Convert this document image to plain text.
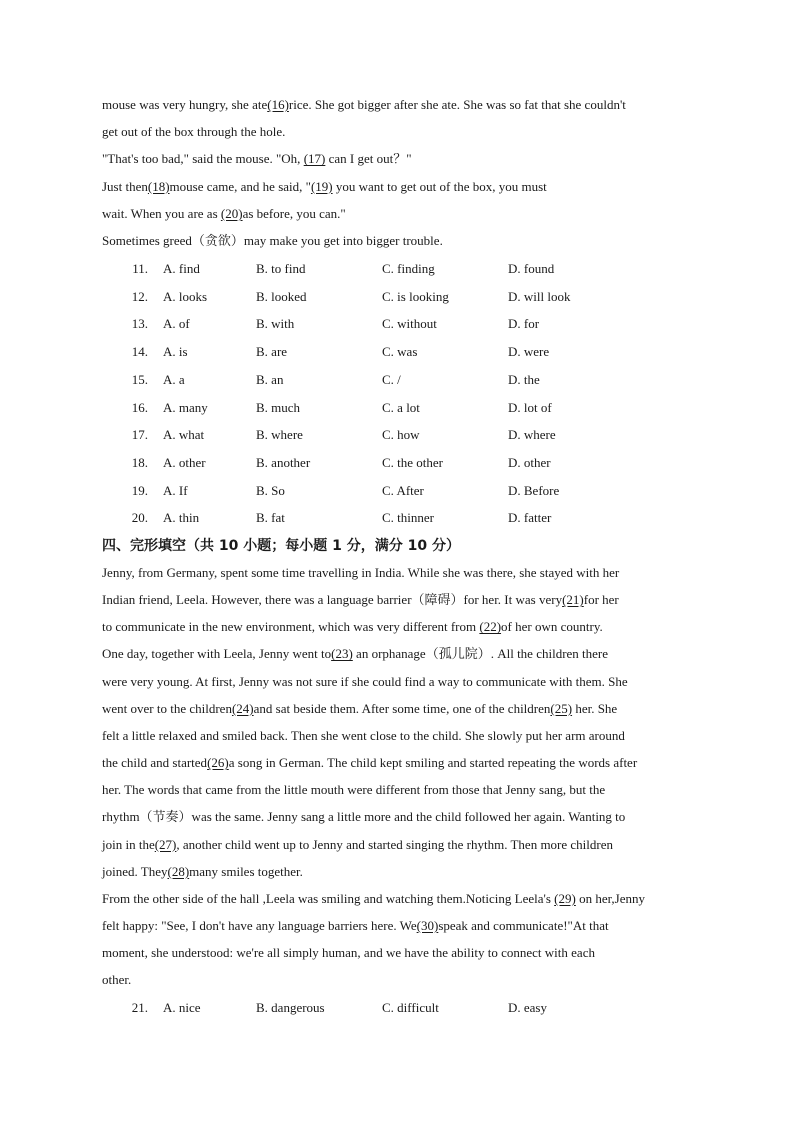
mouse was very hungry, she ate(16)rice. She got bigger after she ate. She was so fat that she couldn't
get out of the box through the hole.
"That's too bad," said the mouse. "Oh, (17) can I get out？"
Just then(18)mouse came, and he said, "(19) you want to get out of the box, you must
wait. When you are as (20)as before, you can."
Sometimes greed（贪欲）may make you get into bigger trouble.
11. A. find	B. to find	C. finding	D. found
12. A. looks	B. looked	C. is looking	D. will look
13. A. of	B. with	C. without	D. for
14. A. is	B. are	C. was	D. were
15. A. a	B. an	C. /	D. the
16. A. many	B. much	C. a lot	D. lot of
17. A. what	B. where	C. how	D. where
18. A. other	B. another	C. the other	D. other
19. A. If	B. So	C. After	D. Before
20. A. thin	B. fat	C. thinner	D. fatter
四、完形填空（共 10 小题；每小题 1 分，满分 10 分）
Jenny, from Germany, spent some time travelling in India. While she was there, she stayed with her
Indian friend, Leela. However, there was a language barrier（障碍）for her. It was very(21)for her
to communicate in the new environment, which was very different from (22)of her own country.
One day, together with Leela, Jenny went to(23) an orphanage（孤儿院）. All the children there
were very young. At first, Jenny was not sure if she could find a way to communicate with them. She
went over to the children(24)and sat beside them. After some time, one of the children(25) her. She
felt a little relaxed and smiled back. Then she went close to the child. She slowly put her arm around
the child and started(26)a song in German. The child kept smiling and started repeating the words after
her. The words that came from the little mouth were different from those that Jenny sang, but the
rhythm（节奏）was the same. Jenny sang a little more and the child followed her again. Wanting to
join in the(27), another child went up to Jenny and started singing the rhythm. Then more children
joined. They(28)many smiles together.
From the other side of the hall ,Leela was smiling and watching them.Noticing Leela's (29) on her,Jenny
felt happy: "See, I don't have any language barriers here. We(30)speak and communicate!"At that
moment, she understood: we're all simply human, and we have the ability to connect with each
other.
21. A. nice	B. dangerous	C. difficult	D. easy
